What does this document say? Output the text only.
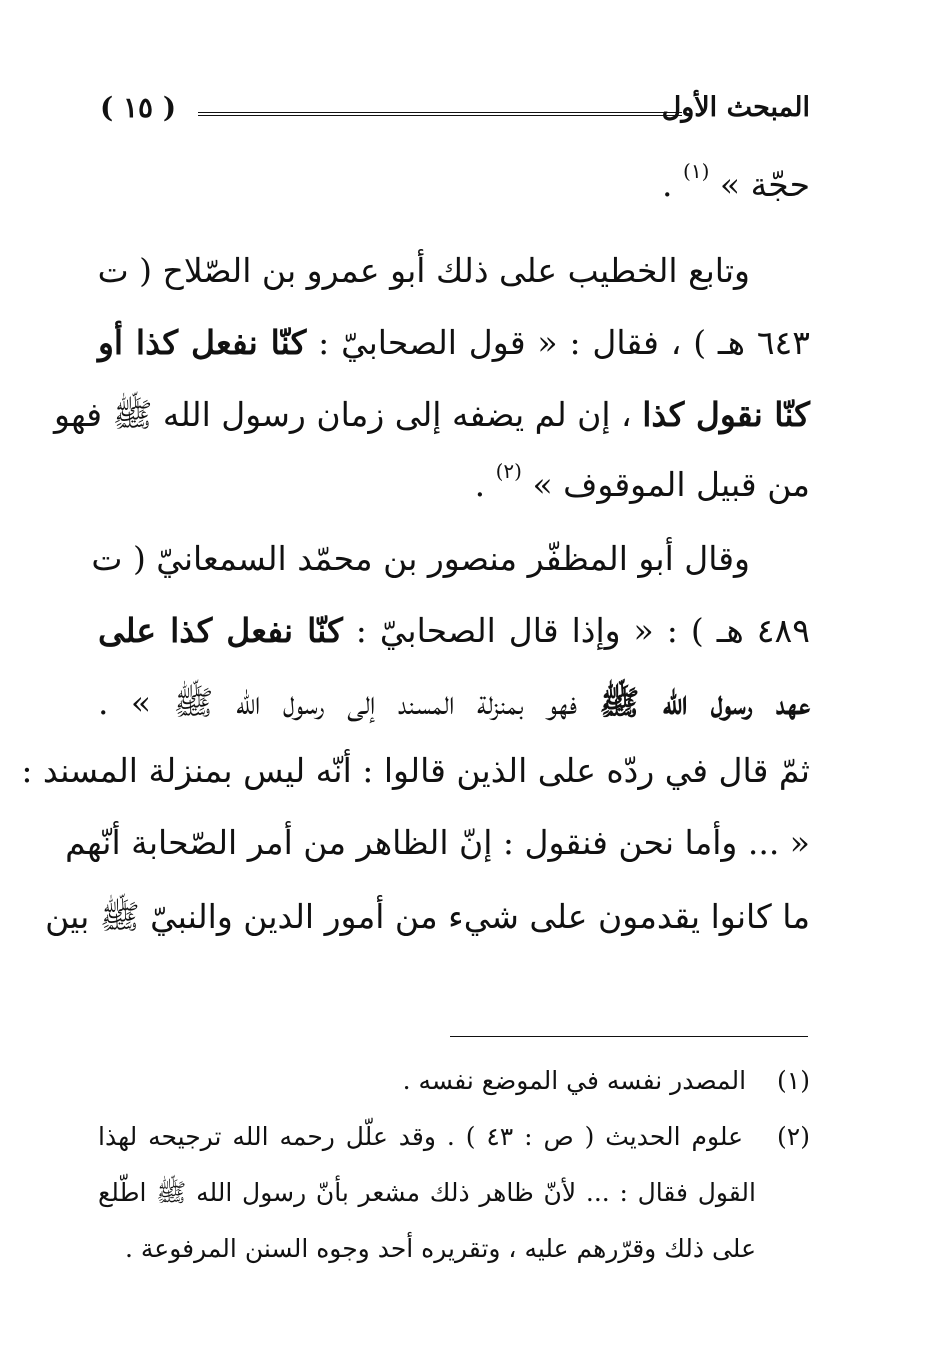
المبحث الأول
( ١٥ )
حجّة » $^{(١)}$ .
وتابع الخطيب على ذلك أبو عمرو بن الصّلاح ( ت
٦٤٣ هـ ) ، فقال : « قول الصحابيّ : كنّا نفعل كذا أو
كنّا نقول كذا ، إن لم يضفه إلى زمان رسول الله ﷺ فهو
من قبيل الموقوف » $^{(٢)}$ .
وقال أبو المظفّر منصور بن محمّد السمعانيّ ( ت
٤٨٩ هـ ) : « وإذا قال الصحابيّ : كنّا نفعل كذا على
عهد رسول الله ﷺ فهو بمنزلة المسند إلى رسول الله ﷺ » .
ثمّ قال في ردّه على الذين قالوا : أنّه ليس بمنزلة المسند :
« ... وأما نحن فنقول : إنّ الظاهر من أمر الصّحابة أنّهم
ما كانوا يقدمون على شيء من أمور الدين والنبيّ ﷺ بين
(١) المصدر نفسه في الموضع نفسه .
(٢) علوم الحديث ( ص : ٤٣ ) . وقد علّل رحمه الله ترجيحه لهذا
القول فقال : ... لأنّ ظاهر ذلك مشعر بأنّ رسول الله ﷺ اطّلع
على ذلك وقرّرهم عليه ، وتقريره أحد وجوه السنن المرفوعة .
